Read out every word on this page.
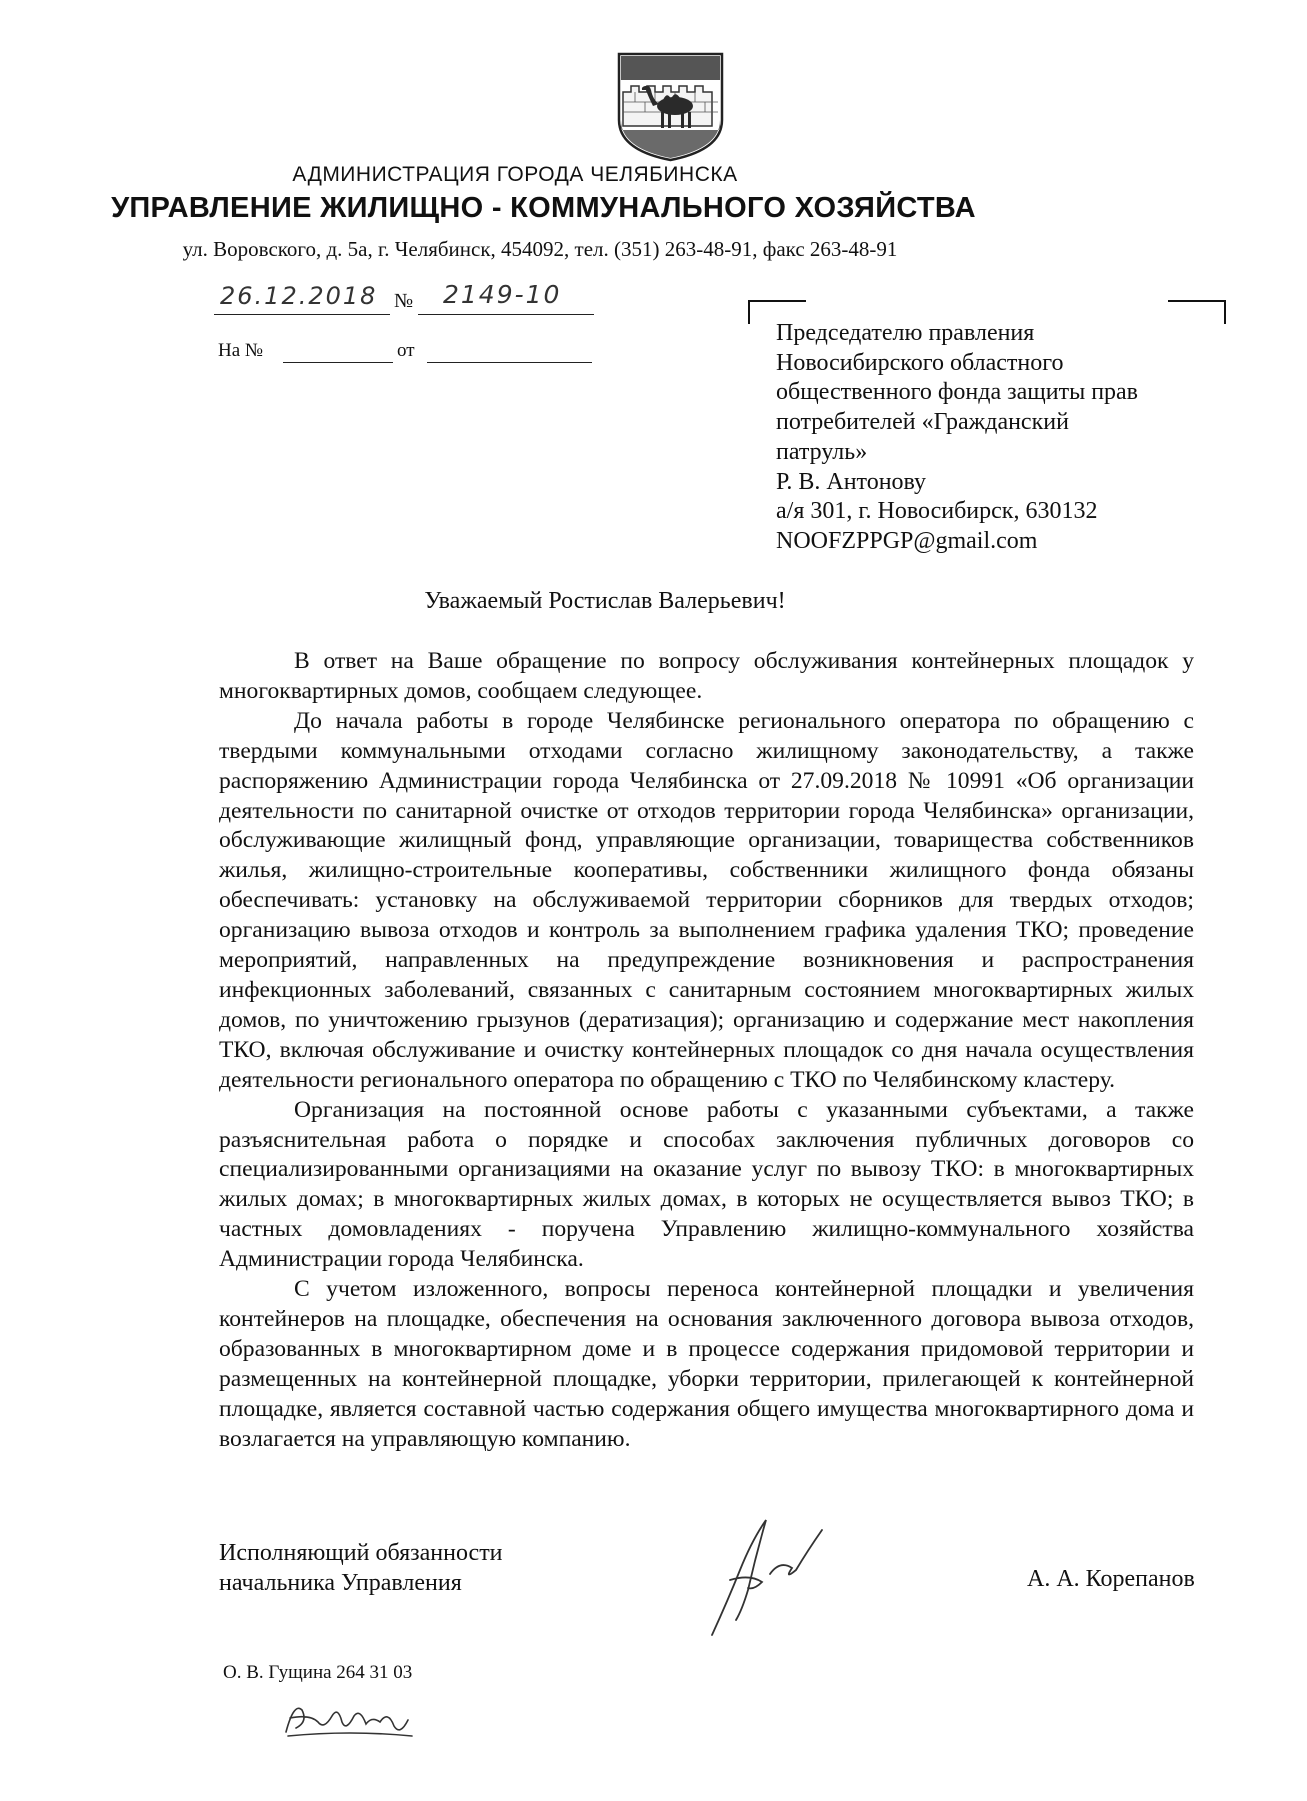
АДМИНИСТРАЦИЯ ГОРОДА ЧЕЛЯБИНСКА
УПРАВЛЕНИЕ ЖИЛИЩНО - КОММУНАЛЬНОГО ХОЗЯЙСТВА
ул. Воровского, д. 5а, г. Челябинск, 454092, тел. (351) 263-48-91, факс 263-48-91
26.12.2018 № 2149-10
На №	от
Председателю правления
Новосибирского областного
общественного фонда защиты прав
потребителей «Гражданский
патруль»
Р. В. Антонову
а/я 301, г. Новосибирск, 630132
NOOFZPPGP@gmail.com
Уважаемый Ростислав Валерьевич!

В ответ на Ваше обращение по вопросу обслуживания контейнерных площадок у многоквартирных домов, сообщаем следующее.

До начала работы в городе Челябинске регионального оператора по обращению с твердыми коммунальными отходами согласно жилищному законодательству, а также распоряжению Администрации города Челябинска от 27.09.2018 № 10991 «Об организации деятельности по санитарной очистке от отходов территории города Челябинска» организации, обслуживающие жилищный фонд, управляющие организации, товарищества собственников жилья, жилищно-строительные кооперативы, собственники жилищного фонда обязаны обеспечивать: установку на обслуживаемой территории сборников для твердых отходов; организацию вывоза отходов и контроль за выполнением графика удаления ТКО; проведение мероприятий, направленных на предупреждение возникновения и распространения инфекционных заболеваний, связанных с санитарным состоянием многоквартирных жилых домов, по уничтожению грызунов (дератизация); организацию и содержание мест накопления ТКО, включая обслуживание и очистку контейнерных площадок со дня начала осуществления деятельности регионального оператора по обращению с ТКО по Челябинскому кластеру.

Организация на постоянной основе работы с указанными субъектами, а также разъяснительная работа о порядке и способах заключения публичных договоров со специализированными организациями на оказание услуг по вывозу ТКО: в многоквартирных жилых домах; в многоквартирных жилых домах, в которых не осуществляется вывоз ТКО; в частных домовладениях - поручена Управлению жилищно-коммунального хозяйства Администрации города Челябинска.

С учетом изложенного, вопросы переноса контейнерной площадки и увеличения контейнеров на площадке, обеспечения на основания заключенного договора вывоза отходов, образованных в многоквартирном доме и в процессе содержания придомовой территории и размещенных на контейнерной площадке, уборки территории, прилегающей к контейнерной площадке, является составной частью содержания общего имущества многоквартирного дома и возлагается на управляющую компанию.

Исполняющий обязанности
начальника Управления	А. А. Корепанов
О. В. Гущина 264 31 03
